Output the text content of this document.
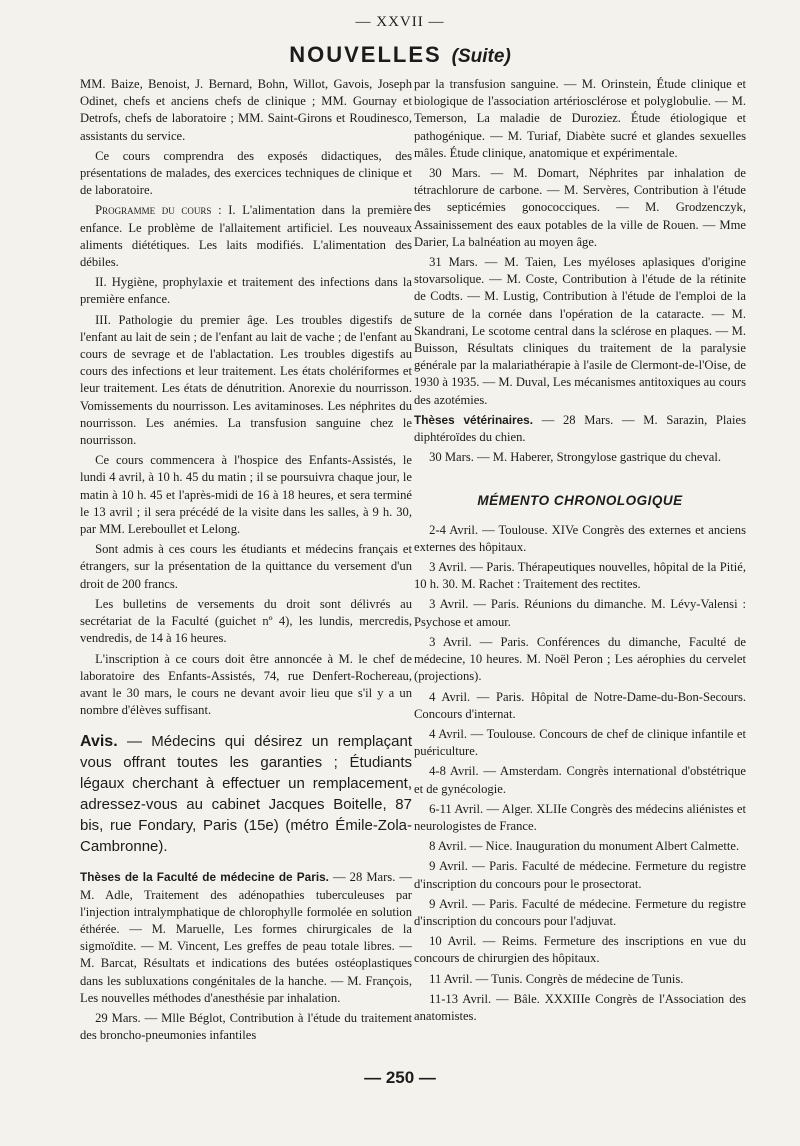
— XXVII —
NOUVELLES (Suite)

MM. Baize, Benoist, J. Bernard, Bohn, Willot, Gavois, Joseph Odinet, chefs et anciens chefs de clinique ; MM. Gournay et Detrofs, chefs de laboratoire ; MM. Saint-Girons et Roudinesco, assistants du service.

Ce cours comprendra des exposés didactiques, des présentations de malades, des exercices techniques de clinique et de laboratoire.

Programme du cours : I. L'alimentation dans la première enfance. Le problème de l'allaitement artificiel. Les nouveaux aliments diététiques. Les laits modifiés. L'alimentation des débiles.

II. Hygiène, prophylaxie et traitement des infections dans la première enfance.

III. Pathologie du premier âge. Les troubles digestifs de l'enfant au lait de sein ; de l'enfant au lait de vache ; de l'enfant au cours de sevrage et de l'ablactation. Les troubles digestifs au cours des infections et leur traitement. Les états cholériformes et leur traitement. Les états de dénutrition. Anorexie du nourrisson. Vomissements du nourrisson. Les avitaminoses. Les néphrites du nourrisson. Les anémies. La transfusion sanguine chez le nourrisson.

Ce cours commencera à l'hospice des Enfants-Assistés, le lundi 4 avril, à 10 h. 45 du matin ; il se poursuivra chaque jour, le matin à 10 h. 45 et l'après-midi de 16 à 18 heures, et sera terminé le 13 avril ; il sera précédé de la visite dans les salles, à 9 h. 30, par MM. Lereboullet et Lelong.

Sont admis à ces cours les étudiants et médecins français et étrangers, sur la présentation de la quittance du versement d'un droit de 200 francs.

Les bulletins de versements du droit sont délivrés au secrétariat de la Faculté (guichet nº 4), les lundis, mercredis, vendredis, de 14 à 16 heures.

L'inscription à ce cours doit être annoncée à M. le chef de laboratoire des Enfants-Assistés, 74, rue Denfert-Rochereau, avant le 30 mars, le cours ne devant avoir lieu que s'il y a un nombre d'élèves suffisant.

Avis. — Médecins qui désirez un remplaçant vous offrant toutes les garanties ; Étudiants légaux cherchant à effectuer un remplacement, adressez-vous au cabinet Jacques Boitelle, 87 bis, rue Fondary, Paris (15e) (métro Émile-Zola-Cambronne).

Thèses de la Faculté de médecine de Paris. — 28 Mars. — M. Adle, Traitement des adénopathies tuberculeuses par l'injection intralymphatique de chlorophylle formolée en solution éthérée. — M. Maruelle, Les formes chirurgicales de la sigmoïdite. — M. Vincent, Les greffes de peau totale libres. — M. Barcat, Résultats et indications des butées ostéoplastiques dans les subluxations congénitales de la hanche. — M. François, Les nouvelles méthodes d'anesthésie par inhalation.

29 Mars. — Mlle Béglot, Contribution à l'étude du traitement des broncho-pneumonies infantiles

par la transfusion sanguine. — M. Orinstein, Étude clinique et biologique de l'association artériosclérose et polyglobulie. — M. Temerson, La maladie de Duroziez. Étude étiologique et pathogénique. — M. Turiaf, Diabète sucré et glandes sexuelles mâles. Étude clinique, anatomique et expérimentale.

30 Mars. — M. Domart, Néphrites par inhalation de tétrachlorure de carbone. — M. Servères, Contribution à l'étude des septicémies gonococciques. — M. Grodzenczyk, Assainissement des eaux potables de la ville de Rouen. — Mme Darier, La balnéation au moyen âge.

31 Mars. — M. Taien, Les myéloses aplasiques d'origine stovarsolique. — M. Coste, Contribution à l'étude de la rétinite de Codts. — M. Lustig, Contribution à l'étude de l'emploi de la suture de la cornée dans l'opération de la cataracte. — M. Skandrani, Le scotome central dans la sclérose en plaques. — M. Buisson, Résultats cliniques du traitement de la paralysie générale par la malariathérapie à l'asile de Clermont-de-l'Oise, de 1930 à 1935. — M. Duval, Les mécanismes antitoxiques au cours des azotémies.

Thèses vétérinaires. — 28 Mars. — M. Sarazin, Plaies diphtéroïdes du chien.

30 Mars. — M. Haberer, Strongylose gastrique du cheval.

MÉMENTO CHRONOLOGIQUE

2-4 Avril. — Toulouse. XIVe Congrès des externes et anciens externes des hôpitaux.

3 Avril. — Paris. Thérapeutiques nouvelles, hôpital de la Pitié, 10 h. 30. M. Rachet : Traitement des rectites.

3 Avril. — Paris. Réunions du dimanche. M. Lévy-Valensi : Psychose et amour.

3 Avril. — Paris. Conférences du dimanche, Faculté de médecine, 10 heures. M. Noël Peron ; Les aérophies du cervelet (projections).

4 Avril. — Paris. Hôpital de Notre-Dame-du-Bon-Secours. Concours d'internat.

4 Avril. — Toulouse. Concours de chef de clinique infantile et puériculture.

4-8 Avril. — Amsterdam. Congrès international d'obstétrique et de gynécologie.

6-11 Avril. — Alger. XLIIe Congrès des médecins aliénistes et neurologistes de France.

8 Avril. — Nice. Inauguration du monument Albert Calmette.

9 Avril. — Paris. Faculté de médecine. Fermeture du registre d'inscription du concours pour le prosectorat.

9 Avril. — Paris. Faculté de médecine. Fermeture du registre d'inscription du concours pour l'adjuvat.

10 Avril. — Reims. Fermeture des inscriptions en vue du concours de chirurgien des hôpitaux.

11 Avril. — Tunis. Congrès de médecine de Tunis.

11-13 Avril. — Bâle. XXXIIIe Congrès de l'Association des anatomistes.

— 250 —
